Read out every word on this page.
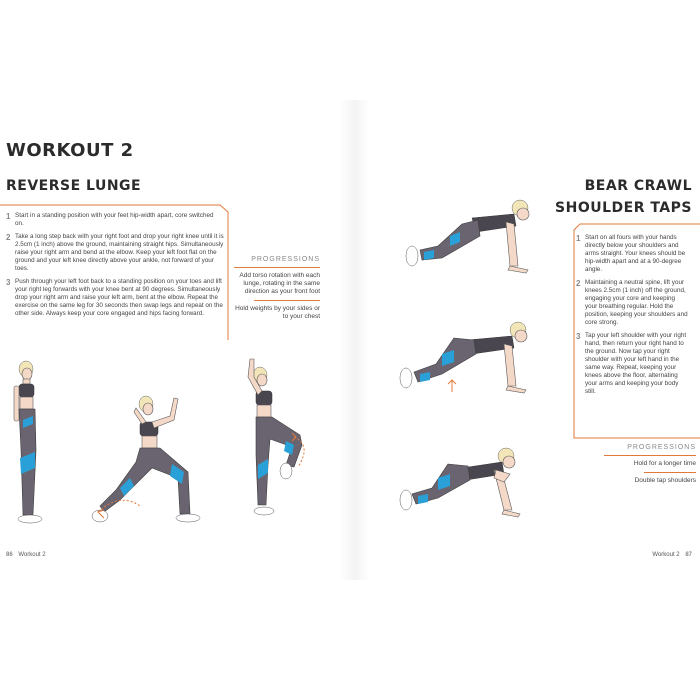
WORKOUT 2
REVERSE LUNGE
1 Start in a standing position with your feet hip-width apart, core switched on.
2 Take a long step back with your right foot and drop your right knee until it is 2.5cm (1 inch) above the ground, maintaining straight hips. Simultaneously raise your right arm and bend at the elbow. Keep your left foot flat on the ground and your left knee directly above your ankle, not forward of your toes.
3 Push through your left foot back to a standing position on your toes and lift your right leg forwards with your knee bent at 90 degrees. Simultaneously drop your right arm and raise your left arm, bent at the elbow. Repeat the exercise on the same leg for 30 seconds then swap legs and repeat on the other side. Always keep your core engaged and hips facing forward.
PROGRESSIONS
Add torso rotation with each lunge, rotating in the same direction as your front foot
Hold weights by your sides or to your chest
86 Workout 2
BEAR CRAWL
SHOULDER TAPS
1 Start on all fours with your hands directly below your shoulders and arms straight. Your knees should be hip-width apart and at a 90-degree angle.
2 Maintaining a neutral spine, lift your knees 2.5cm (1 inch) off the ground, engaging your core and keeping your breathing regular. Hold the position, keeping your shoulders and core strong.
3 Tap your left shoulder with your right hand, then return your right hand to the ground. Now tap your right shoulder with your left hand in the same way. Repeat, keeping your knees above the floor, alternating your arms and keeping your body still.
PROGRESSIONS
Hold for a longer time
Double tap shoulders
Workout 2 87
